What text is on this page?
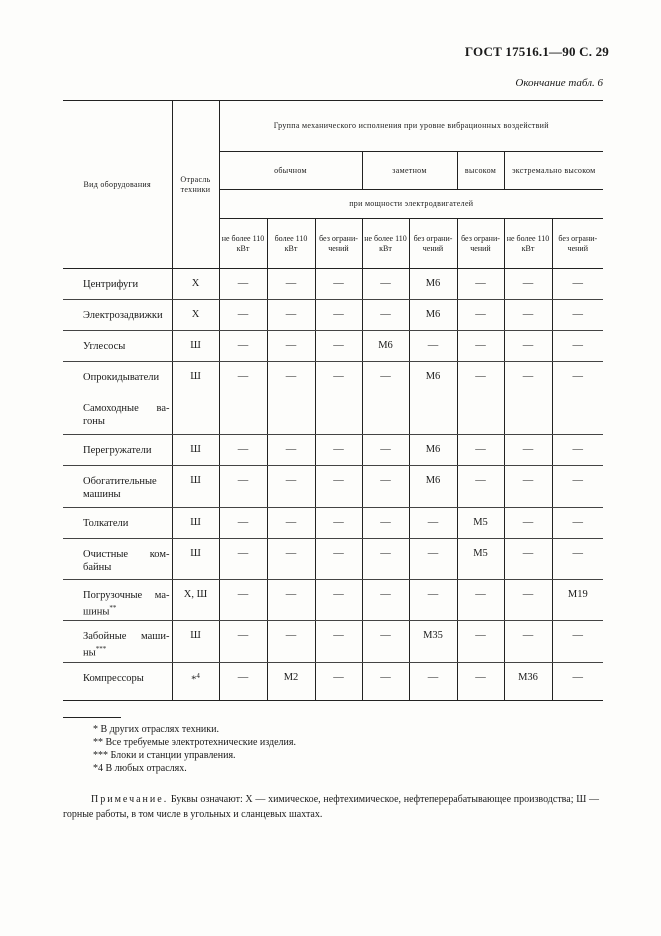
ГОСТ 17516.1—90 С. 29
Окончание табл. 6
Вид оборудования	Отрасль техники	Группа механического исполнения при уровне вибрационных воздействий							
		обычном			заметном		высоком	экстремально высоком	
		при мощности электродвигателей							
		не более 110 кВт	более 110 кВт	без ограничений	не более 110 кВт	без ограничений	без ограничений	не более 110 кВт	без ограничений

Центрифуги	Х	—	—	—	—	М6	—	—	—
Электрозадвижки	Х	—	—	—	—	М6	—	—	—
Углесосы	Ш	—	—	—	М6	—	—	—	—
Опрокидыватели	Ш	—	—	—	—	М6	—	—	—

Самоходные вагоны									

Перегружатели	Ш	—	—	—	—	М6	—	—	—
Обогатительные машины	Ш	—	—	—	—	М6	—	—	—
Толкатели	Ш	—	—	—	—	—	М5	—	—

Очистные комбайны	Ш	—	—	—	—	—	М5	—	—

Погрузочные машины**	Х, Ш	—	—	—	—	—	—	—	М19

Забойные машины***	Ш	—	—	—	—	М35	—	—	—
Компрессоры	*$^4$	—	М2	—	—	—	—	М36	—
* В других отраслях техники.
** Все требуемые электротехнические изделия.
*** Блоки и станции управления.
*4 В любых отраслях.
Примечание. Буквы означают: Х — химическое, нефтехимическое, нефтеперерабатывающее производства; Ш — горные работы, в том числе в угольных и сланцевых шахтах.
